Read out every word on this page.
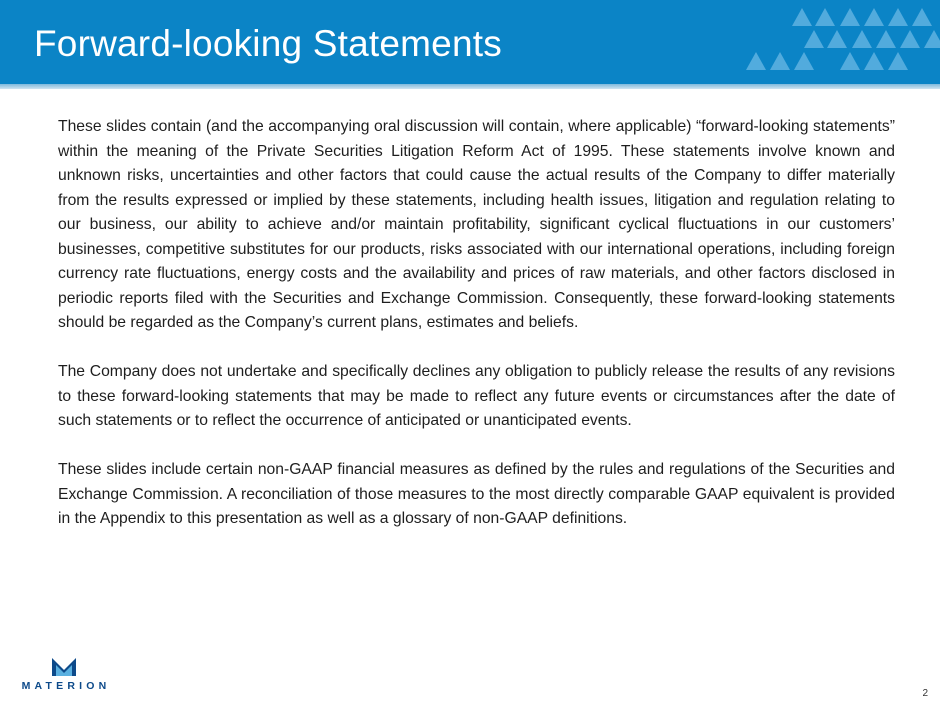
Forward-looking Statements

These slides contain (and the accompanying oral discussion will contain, where applicable) “forward-looking statements” within the meaning of the Private Securities Litigation Reform Act of 1995. These statements involve known and unknown risks, uncertainties and other factors that could cause the actual results of the Company to differ materially from the results expressed or implied by these statements, including health issues, litigation and regulation relating to our business, our ability to achieve and/or maintain profitability, significant cyclical fluctuations in our customers’ businesses, competitive substitutes for our products, risks associated with our international operations, including foreign currency rate fluctuations, energy costs and the availability and prices of raw materials, and other factors disclosed in periodic reports filed with the Securities and Exchange Commission. Consequently, these forward-looking statements should be regarded as the Company’s current plans, estimates and beliefs.

The Company does not undertake and specifically declines any obligation to publicly release the results of any revisions to these forward-looking statements that may be made to reflect any future events or circumstances after the date of such statements or to reflect the occurrence of anticipated or unanticipated events.

These slides include certain non-GAAP financial measures as defined by the rules and regulations of the Securities and Exchange Commission. A reconciliation of those measures to the most directly comparable GAAP equivalent is provided in the Appendix to this presentation as well as a glossary of non-GAAP definitions.

MATERION
2
